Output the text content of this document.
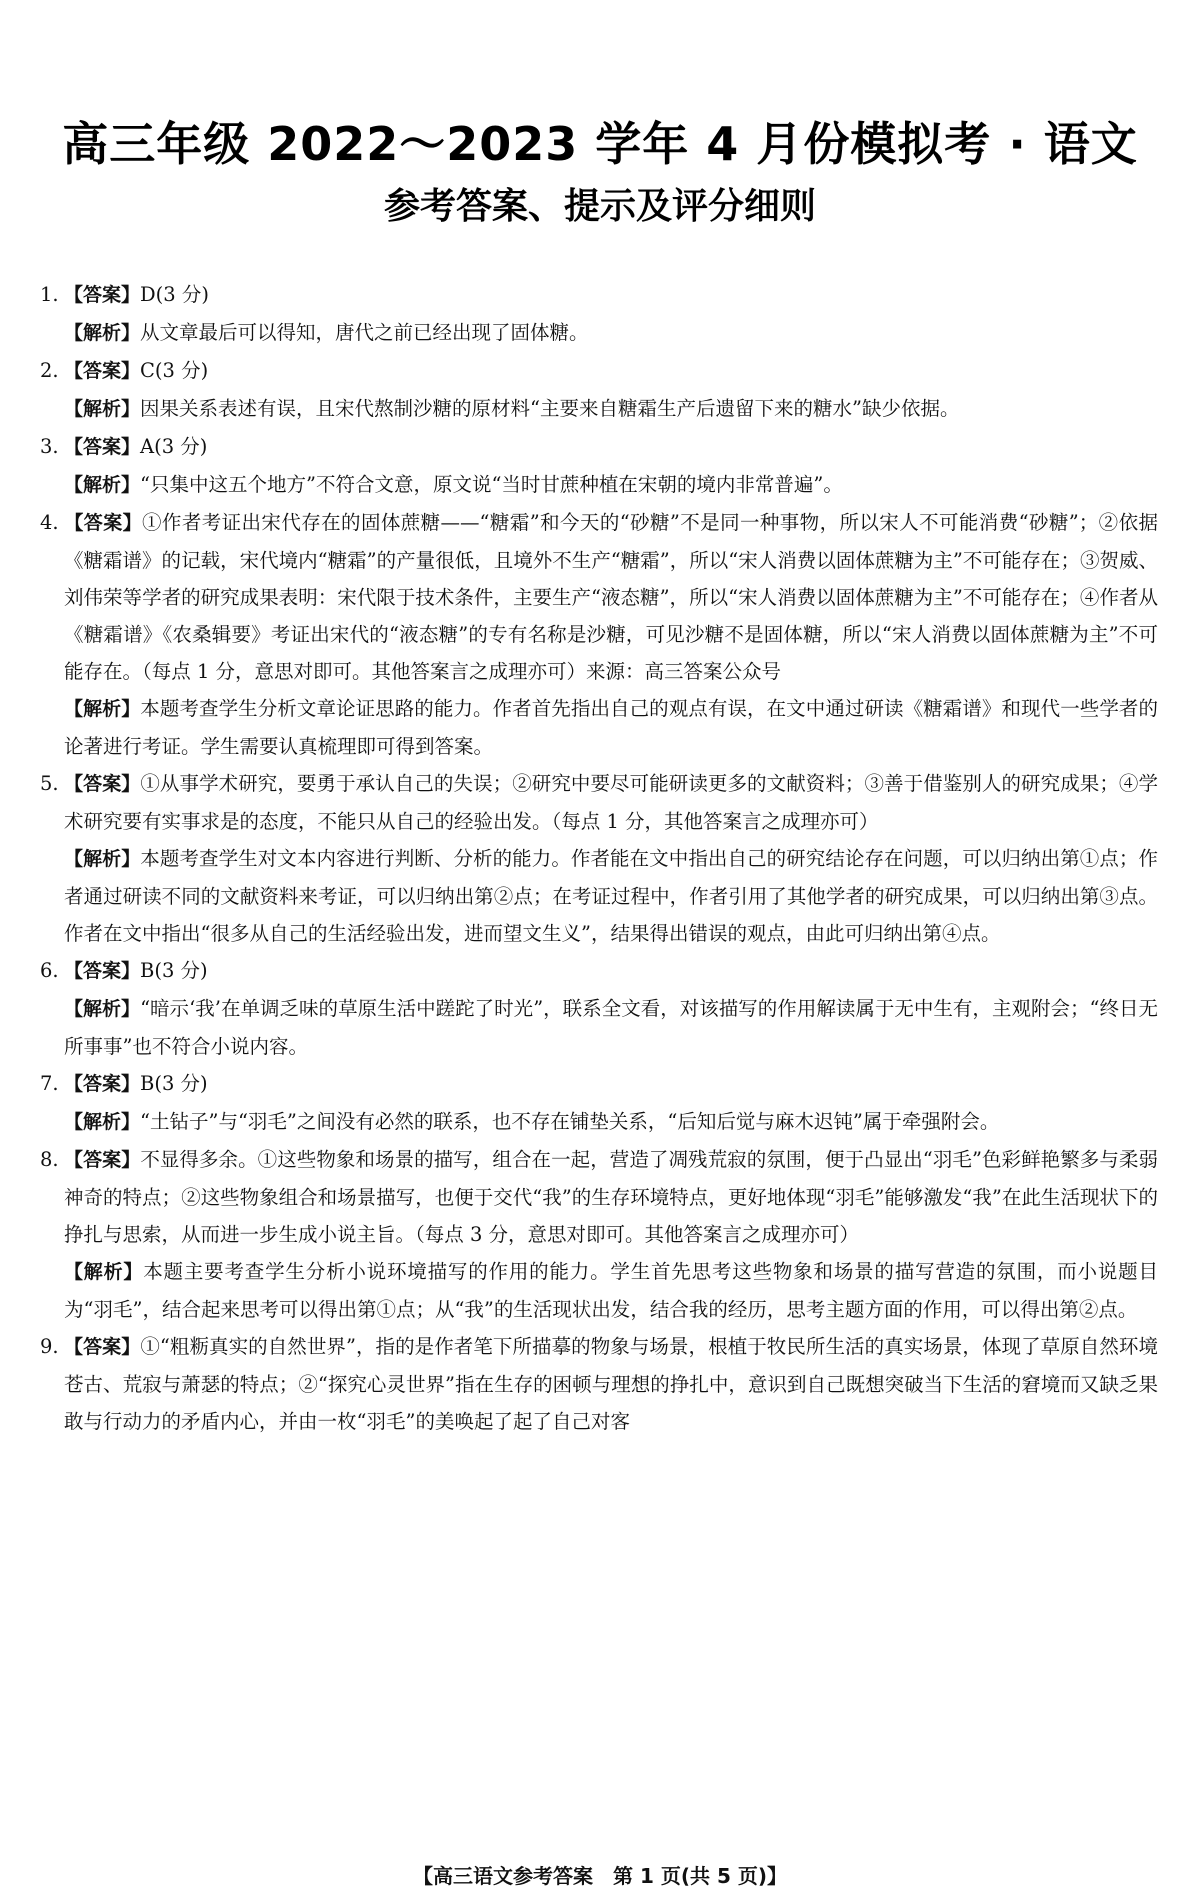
高三年级 2022～2023 学年 4 月份模拟考 · 语文
参考答案、提示及评分细则
1. 【答案】D(3 分)
【解析】从文章最后可以得知，唐代之前已经出现了固体糖。
2. 【答案】C(3 分)
【解析】因果关系表述有误，且宋代熬制沙糖的原材料“主要来自糖霜生产后遗留下来的糖水”缺少依据。
3. 【答案】A(3 分)
【解析】“只集中这五个地方”不符合文意，原文说“当时甘蔗种植在宋朝的境内非常普遍”。
4. 【答案】①作者考证出宋代存在的固体蔗糖——“糖霜”和今天的“砂糖”不是同一种事物，所以宋人不可能消费“砂糖”；②依据《糖霜谱》的记载，宋代境内“糖霜”的产量很低，且境外不生产“糖霜”，所以“宋人消费以固体蔗糖为主”不可能存在；③贺威、刘伟荣等学者的研究成果表明：宋代限于技术条件，主要生产“液态糖”，所以“宋人消费以固体蔗糖为主”不可能存在；④作者从《糖霜谱》《农桑辑要》考证出宋代的“液态糖”的专有名称是沙糖，可见沙糖不是固体糖，所以“宋人消费以固体蔗糖为主”不可能存在。（每点 1 分，意思对即可。其他答案言之成理亦可）来源：高三答案公众号
【解析】本题考查学生分析文章论证思路的能力。作者首先指出自己的观点有误，在文中通过研读《糖霜谱》和现代一些学者的论著进行考证。学生需要认真梳理即可得到答案。
5. 【答案】①从事学术研究，要勇于承认自己的失误；②研究中要尽可能研读更多的文献资料；③善于借鉴别人的研究成果；④学术研究要有实事求是的态度，不能只从自己的经验出发。（每点 1 分，其他答案言之成理亦可）
【解析】本题考查学生对文本内容进行判断、分析的能力。作者能在文中指出自己的研究结论存在问题，可以归纳出第①点；作者通过研读不同的文献资料来考证，可以归纳出第②点；在考证过程中，作者引用了其他学者的研究成果，可以归纳出第③点。作者在文中指出“很多从自己的生活经验出发，进而望文生义”，结果得出错误的观点，由此可归纳出第④点。
6. 【答案】B(3 分)
【解析】“暗示‘我’在单调乏味的草原生活中蹉跎了时光”，联系全文看，对该描写的作用解读属于无中生有，主观附会；“终日无所事事”也不符合小说内容。
7. 【答案】B(3 分)
【解析】“土钻子”与“羽毛”之间没有必然的联系，也不存在铺垫关系，“后知后觉与麻木迟钝”属于牵强附会。
8. 【答案】不显得多余。①这些物象和场景的描写，组合在一起，营造了凋残荒寂的氛围，便于凸显出“羽毛”色彩鲜艳繁多与柔弱神奇的特点；②这些物象组合和场景描写，也便于交代“我”的生存环境特点，更好地体现“羽毛”能够激发“我”在此生活现状下的挣扎与思索，从而进一步生成小说主旨。（每点 3 分，意思对即可。其他答案言之成理亦可）
【解析】本题主要考查学生分析小说环境描写的作用的能力。学生首先思考这些物象和场景的描写营造的氛围，而小说题目为“羽毛”，结合起来思考可以得出第①点；从“我”的生活现状出发，结合我的经历，思考主题方面的作用，可以得出第②点。
9. 【答案】①“粗粝真实的自然世界”，指的是作者笔下所描摹的物象与场景，根植于牧民所生活的真实场景，体现了草原自然环境苍古、荒寂与萧瑟的特点；②“探究心灵世界”指在生存的困顿与理想的挣扎中，意识到自己既想突破当下生活的窘境而又缺乏果敢与行动力的矛盾内心，并由一枚“羽毛”的美唤起了起了自己对客
【高三语文参考答案　第 1 页(共 5 页)】
